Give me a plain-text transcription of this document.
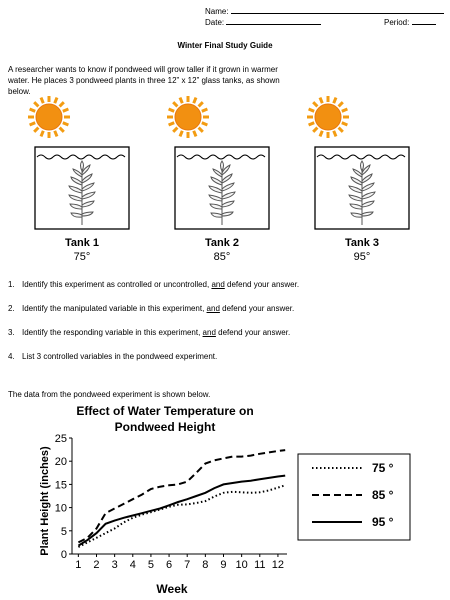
Name:
Date:	Period:
Winter Final Study Guide
A researcher wants to know if pondweed will grow taller if it grown in warmer water. He places 3 pondweed plants in three 12” x 12” glass tanks, as shown below.
Tank 1
75°
Tank 2
85°
Tank 3
95°
1. Identify this experiment as controlled or uncontrolled, and defend your answer.
2. Identify the manipulated variable in this experiment, and defend your answer.
3. Identify the responding variable in this experiment, and defend your answer.
4. List 3 controlled variables in the pondweed experiment.
The data from the pondweed experiment is shown below.
Effect of Water Temperature on
Pondweed Height
Plant Height (inches)
Week
1 2 3 4 5 6 7 8 9 10 11 12
0
5
10
15
20
25
75 °
85 °
95 °
